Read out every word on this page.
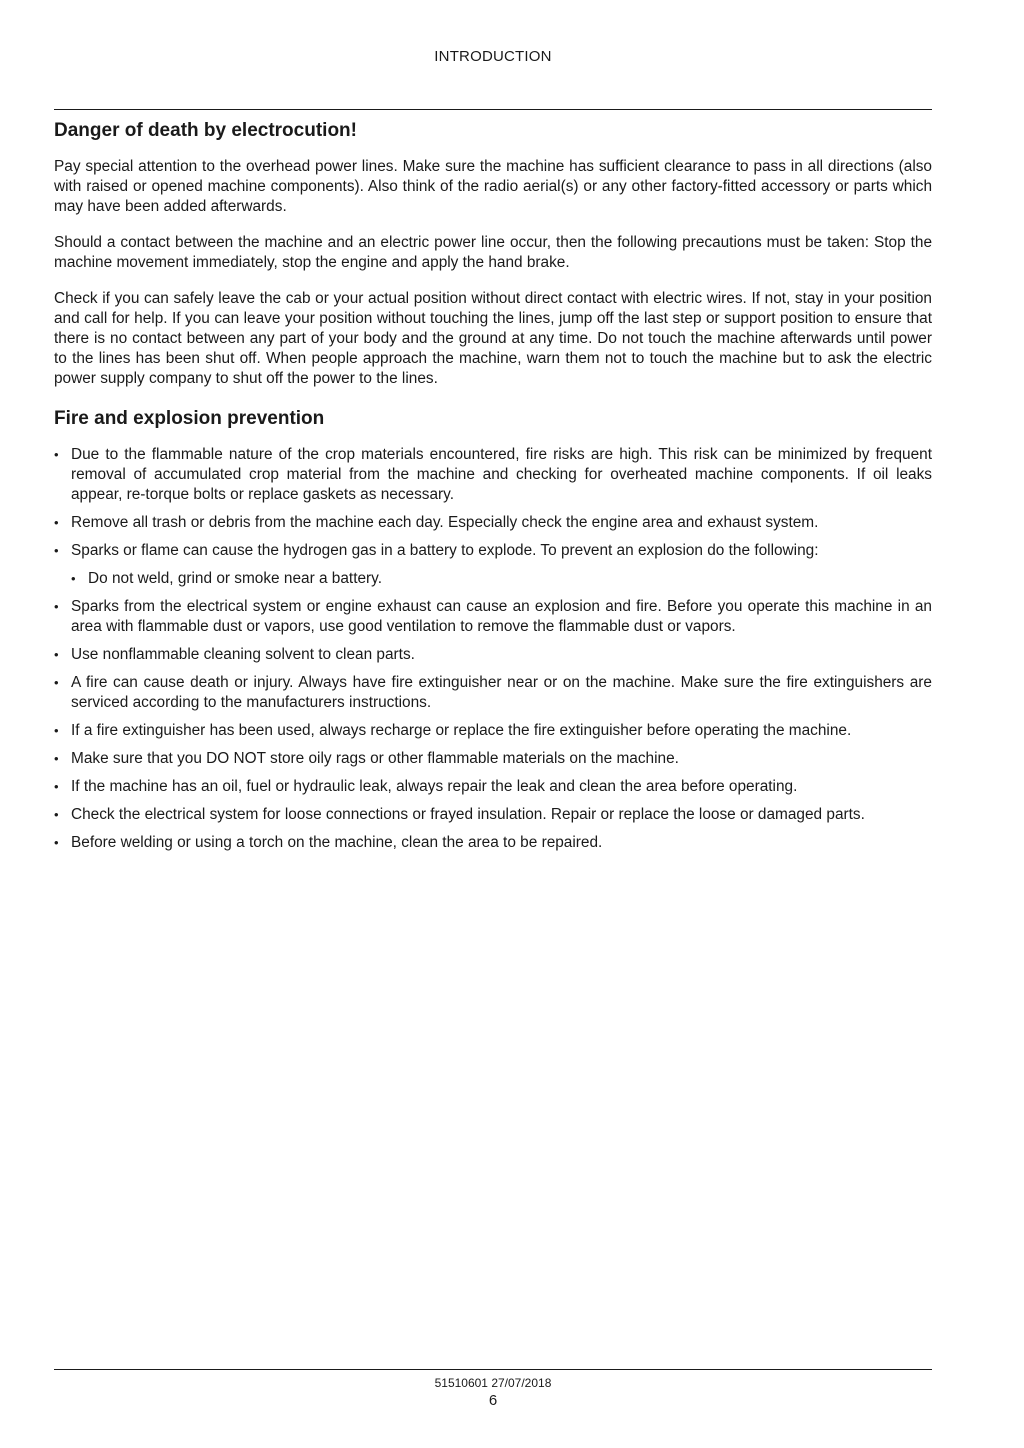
INTRODUCTION
Danger of death by electrocution!

Pay special attention to the overhead power lines. Make sure the machine has sufficient clearance to pass in all directions (also with raised or opened machine components). Also think of the radio aerial(s) or any other factory-fitted accessory or parts which may have been added afterwards.

Should a contact between the machine and an electric power line occur, then the following precautions must be taken: Stop the machine movement immediately, stop the engine and apply the hand brake.

Check if you can safely leave the cab or your actual position without direct contact with electric wires. If not, stay in your position and call for help. If you can leave your position without touching the lines, jump off the last step or support position to ensure that there is no contact between any part of your body and the ground at any time. Do not touch the machine afterwards until power to the lines has been shut off. When people approach the machine, warn them not to touch the machine but to ask the electric power supply company to shut off the power to the lines.

Fire and explosion prevention
• Due to the flammable nature of the crop materials encountered, fire risks are high. This risk can be minimized by frequent removal of accumulated crop material from the machine and checking for overheated machine components. If oil leaks appear, re-torque bolts or replace gaskets as necessary.
• Remove all trash or debris from the machine each day. Especially check the engine area and exhaust system.
• Sparks or flame can cause the hydrogen gas in a battery to explode. To prevent an explosion do the following:
• Do not weld, grind or smoke near a battery.
• Sparks from the electrical system or engine exhaust can cause an explosion and fire. Before you operate this machine in an area with flammable dust or vapors, use good ventilation to remove the flammable dust or vapors.
• Use nonflammable cleaning solvent to clean parts.
• A fire can cause death or injury. Always have fire extinguisher near or on the machine. Make sure the fire extinguishers are serviced according to the manufacturers instructions.
• If a fire extinguisher has been used, always recharge or replace the fire extinguisher before operating the machine.
• Make sure that you DO NOT store oily rags or other flammable materials on the machine.
• If the machine has an oil, fuel or hydraulic leak, always repair the leak and clean the area before operating.
• Check the electrical system for loose connections or frayed insulation. Repair or replace the loose or damaged parts.
• Before welding or using a torch on the machine, clean the area to be repaired.
51510601 27/07/2018
6
